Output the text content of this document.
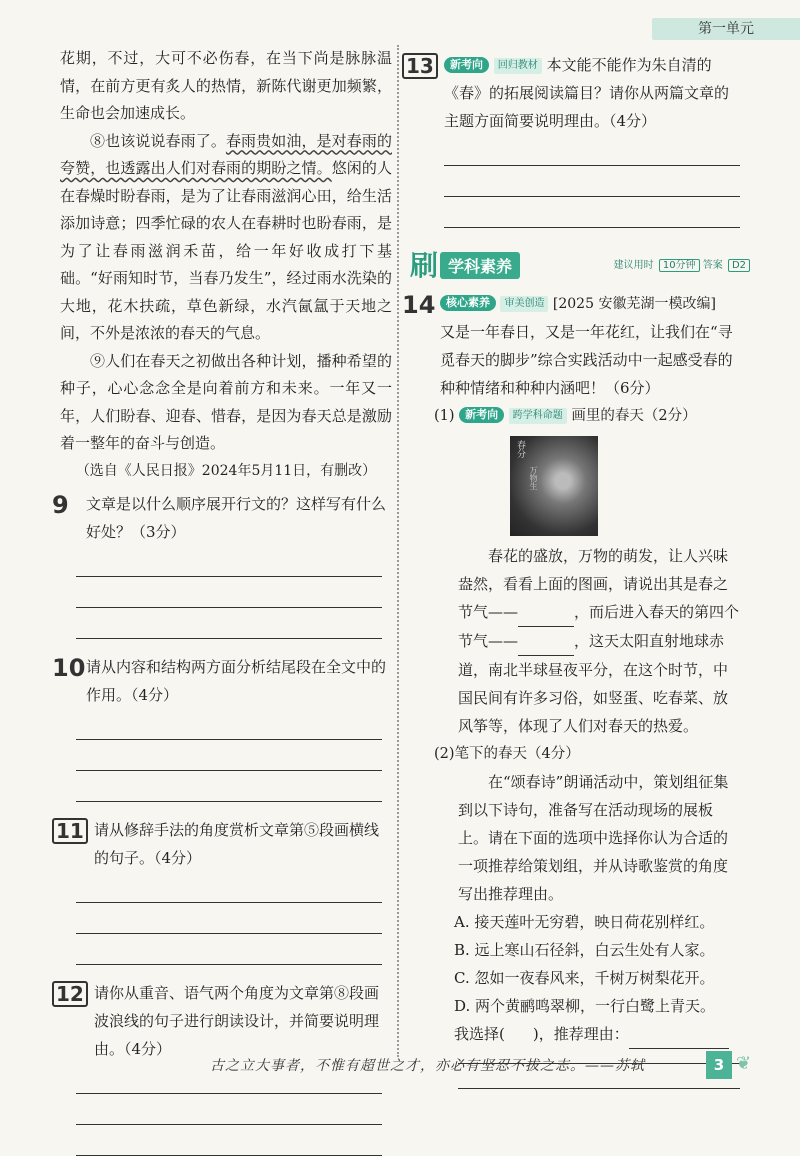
第一单元

花期，不过，大可不必伤春，在当下尚是脉脉温情，在前方更有炙人的热情，新陈代谢更加频繁，生命也会加速成长。

⑧也该说说春雨了。春雨贵如油，是对春雨的夸赞，也透露出人们对春雨的期盼之情。悠闲的人在春燥时盼春雨，是为了让春雨滋润心田，给生活添加诗意；四季忙碌的农人在春耕时也盼春雨，是为了让春雨滋润禾苗，给一年好收成打下基础。“好雨知时节，当春乃发生”，经过雨水洗染的大地，花木扶疏，草色新绿，水汽氤氲于天地之间，不外是浓浓的春天的气息。

⑨人们在春天之初做出各种计划，播种希望的种子，心心念念全是向着前方和未来。一年又一年，人们盼春、迎春、惜春，是因为春天总是激励着一整年的奋斗与创造。

（选自《人民日报》2024年5月11日，有删改）

9 文章是以什么顺序展开行文的？这样写有什么好处？（3分）

10 请从内容和结构两方面分析结尾段在全文中的作用。（4分）

11 请从修辞手法的角度赏析文章第⑤段画横线的句子。（4分）

12 请你从重音、语气两个角度为文章第⑧段画波浪线的句子进行朗读设计，并简要说明理由。（4分）

13	新考向 回归教材 本文能不能作为朱自清的《春》的拓展阅读篇目？请你从两篇文章的主题方面简要说明理由。（4分）

刷 学科素养	建议用时 10分钟 答案 D2
14 核心素养 审美创造 [2025 安徽芜湖一模改编]

又是一年春日，又是一年花红，让我们在“寻觅春天的脚步”综合实践活动中一起感受春的种种情绪和种种内涵吧！（6分）

(1) 新考向 跨学科命题 画里的春天（2分）

春分
万物生

春花的盛放，万物的萌发，让人兴味盎然，看看上面的图画，请说出其是春之节气——	，而后进入春天的第四个节气——	，这天太阳直射地球赤道，南北半球昼夜平分，在这个时节，中国民间有许多习俗，如竖蛋、吃春菜、放风筝等，体现了人们对春天的热爱。

(2)笔下的春天（4分）

在“颂春诗”朗诵活动中，策划组征集到以下诗句，准备写在活动现场的展板上。请在下面的选项中选择你认为合适的一项推荐给策划组，并从诗歌鉴赏的角度写出推荐理由。

A. 接天莲叶无穷碧，映日荷花别样红。

B. 远上寒山石径斜，白云生处有人家。

C. 忽如一夜春风来，千树万树梨花开。

D. 两个黄鹂鸣翠柳，一行白鹭上青天。

我选择( )，推荐理由：

古之立大事者，不惟有超世之才，亦必有坚忍不拔之志。——苏轼	3 ❦
